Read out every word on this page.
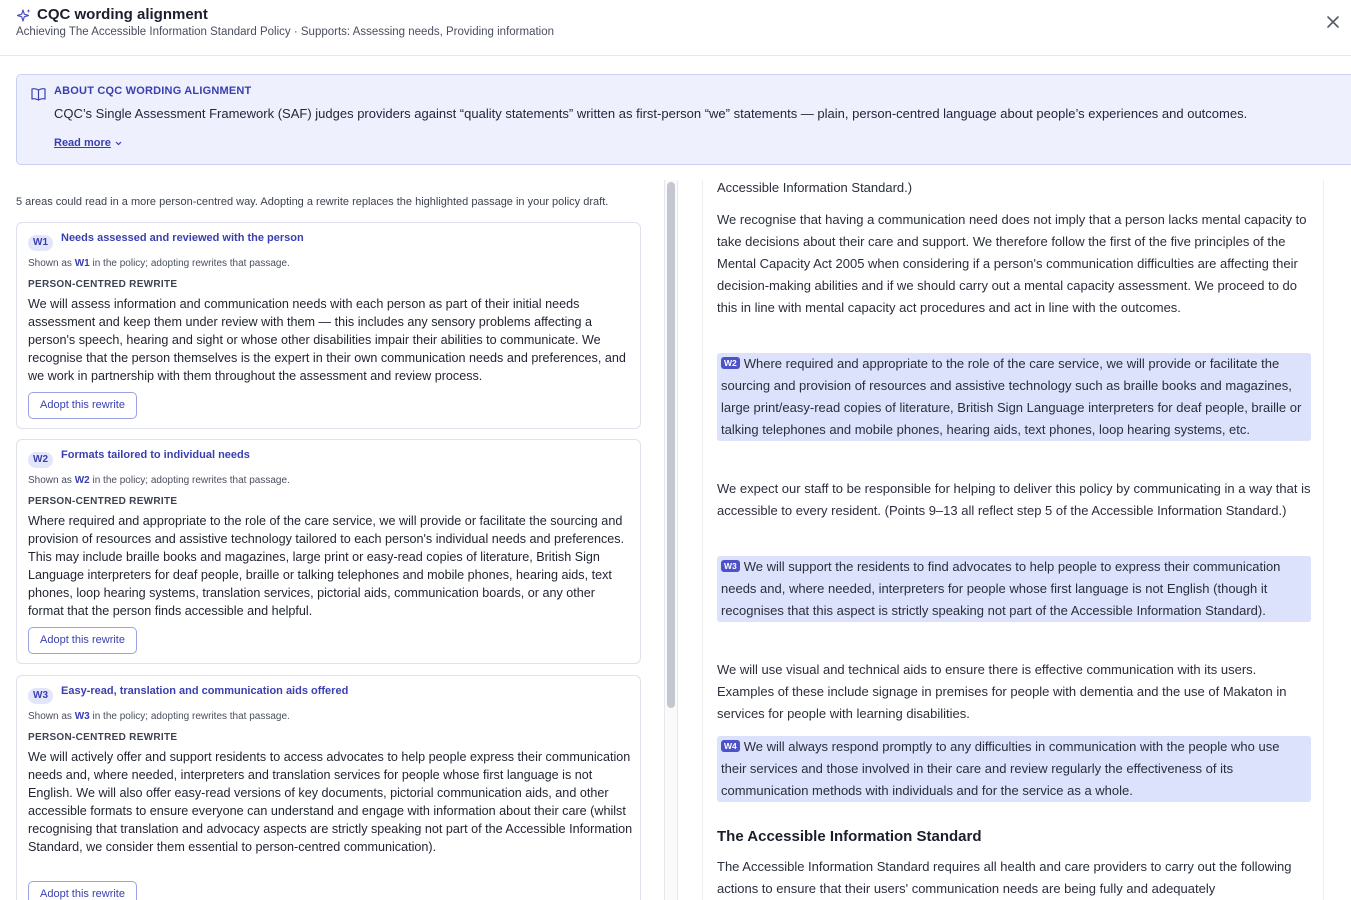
CQC wording alignment
Achieving The Accessible Information Standard Policy · Supports: Assessing needs, Providing information
ABOUT CQC WORDING ALIGNMENT
CQC’s Single Assessment Framework (SAF) judges providers against “quality statements” written as first-person “we” statements — plain, person-centred language about people’s experiences and outcomes.
Read more
5 areas could read in a more person-centred way. Adopting a rewrite replaces the highlighted passage in your policy draft.
W1	Needs assessed and reviewed with the person
Shown as W1 in the policy; adopting rewrites that passage.
PERSON-CENTRED REWRITE
We will assess information and communication needs with each person as part of their initial needs assessment and keep them under review with them — this includes any sensory problems affecting a person's speech, hearing and sight or whose other disabilities impair their abilities to communicate. We recognise that the person themselves is the expert in their own communication needs and preferences, and we work in partnership with them throughout the assessment and review process.
Adopt this rewrite
W2	Formats tailored to individual needs
Shown as W2 in the policy; adopting rewrites that passage.
PERSON-CENTRED REWRITE
Where required and appropriate to the role of the care service, we will provide or facilitate the sourcing and provision of resources and assistive technology tailored to each person's individual needs and preferences. This may include braille books and magazines, large print or easy-read copies of literature, British Sign Language interpreters for deaf people, braille or talking telephones and mobile phones, hearing aids, text phones, loop hearing systems, translation services, pictorial aids, communication boards, or any other format that the person finds accessible and helpful.
Adopt this rewrite
W3	Easy-read, translation and communication aids offered
Shown as W3 in the policy; adopting rewrites that passage.
PERSON-CENTRED REWRITE
We will actively offer and support residents to access advocates to help people express their communication needs and, where needed, interpreters and translation services for people whose first language is not English. We will also offer easy-read versions of key documents, pictorial communication aids, and other accessible formats to ensure everyone can understand and engage with information about their care (whilst recognising that translation and advocacy aspects are strictly speaking not part of the Accessible Information Standard, we consider them essential to person-centred communication).
Adopt this rewrite
Accessible Information Standard.)
We recognise that having a communication need does not imply that a person lacks mental capacity to take decisions about their care and support. We therefore follow the first of the five principles of the Mental Capacity Act 2005 when considering if a person's communication difficulties are affecting their decision-making abilities and if we should carry out a mental capacity assessment. We proceed to do this in line with mental capacity act procedures and act in line with the outcomes.
W2 Where required and appropriate to the role of the care service, we will provide or facilitate the sourcing and provision of resources and assistive technology such as braille books and magazines, large print/easy-read copies of literature, British Sign Language interpreters for deaf people, braille or talking telephones and mobile phones, hearing aids, text phones, loop hearing systems, etc.
We expect our staff to be responsible for helping to deliver this policy by communicating in a way that is accessible to every resident. (Points 9–13 all reflect step 5 of the Accessible Information Standard.)
W3 We will support the residents to find advocates to help people to express their communication needs and, where needed, interpreters for people whose first language is not English (though it recognises that this aspect is strictly speaking not part of the Accessible Information Standard).
We will use visual and technical aids to ensure there is effective communication with its users. Examples of these include signage in premises for people with dementia and the use of Makaton in services for people with learning disabilities.
W4 We will always respond promptly to any difficulties in communication with the people who use their services and those involved in their care and review regularly the effectiveness of its communication methods with individuals and for the service as a whole.
The Accessible Information Standard
The Accessible Information Standard requires all health and care providers to carry out the following actions to ensure that their users' communication needs are being fully and adequately
